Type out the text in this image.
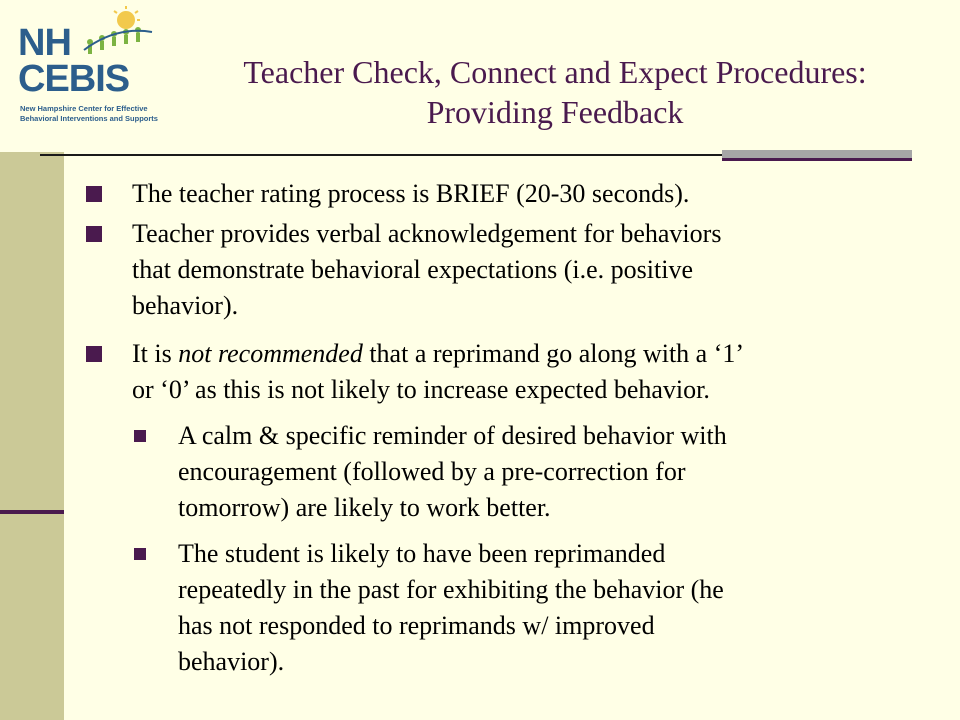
NH
CEBIS
New Hampshire Center for Effective
Behavioral Interventions and Supports
Teacher Check, Connect and Expect Procedures:
Providing Feedback
The teacher rating process is BRIEF (20-30 seconds).
Teacher provides verbal acknowledgement for behaviors
that demonstrate behavioral expectations (i.e. positive
behavior).
It is not recommended that a reprimand go along with a ‘1’
or ‘0’ as this is not likely to increase expected behavior.
A calm & specific reminder of desired behavior with
encouragement (followed by a pre-correction for
tomorrow) are likely to work better.
The student is likely to have been reprimanded
repeatedly in the past for exhibiting the behavior (he
has not responded to reprimands w/ improved
behavior).
